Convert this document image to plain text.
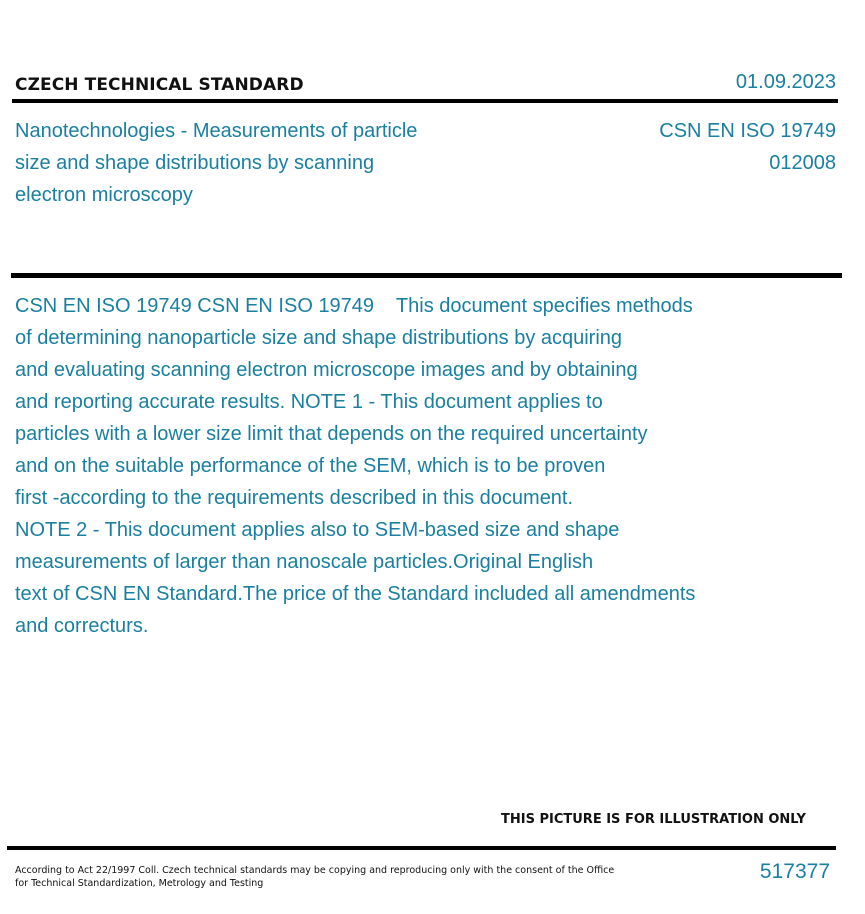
CZECH TECHNICAL STANDARD	01.09.2023
Nanotechnologies - Measurements of particle
size and shape distributions by scanning
electron microscopy
CSN EN ISO 19749
012008
CSN EN ISO 19749 CSN EN ISO 19749    This document specifies methods
of determining nanoparticle size and shape distributions by acquiring
and evaluating scanning electron microscope images and by obtaining
and reporting accurate results. NOTE 1 - This document applies to
particles with a lower size limit that depends on the required uncertainty
and on the suitable performance of the SEM, which is to be proven
first -according to the requirements described in this document.
NOTE 2 - This document applies also to SEM-based size and shape
measurements of larger than nanoscale particles.Original English
text of CSN EN Standard.The price of the Standard included all amendments
and correcturs.
THIS PICTURE IS FOR ILLUSTRATION ONLY
According to Act 22/1997 Coll. Czech technical standards may be copying and reproducing only with the consent of the Office
for Technical Standardization, Metrology and Testing
517377
